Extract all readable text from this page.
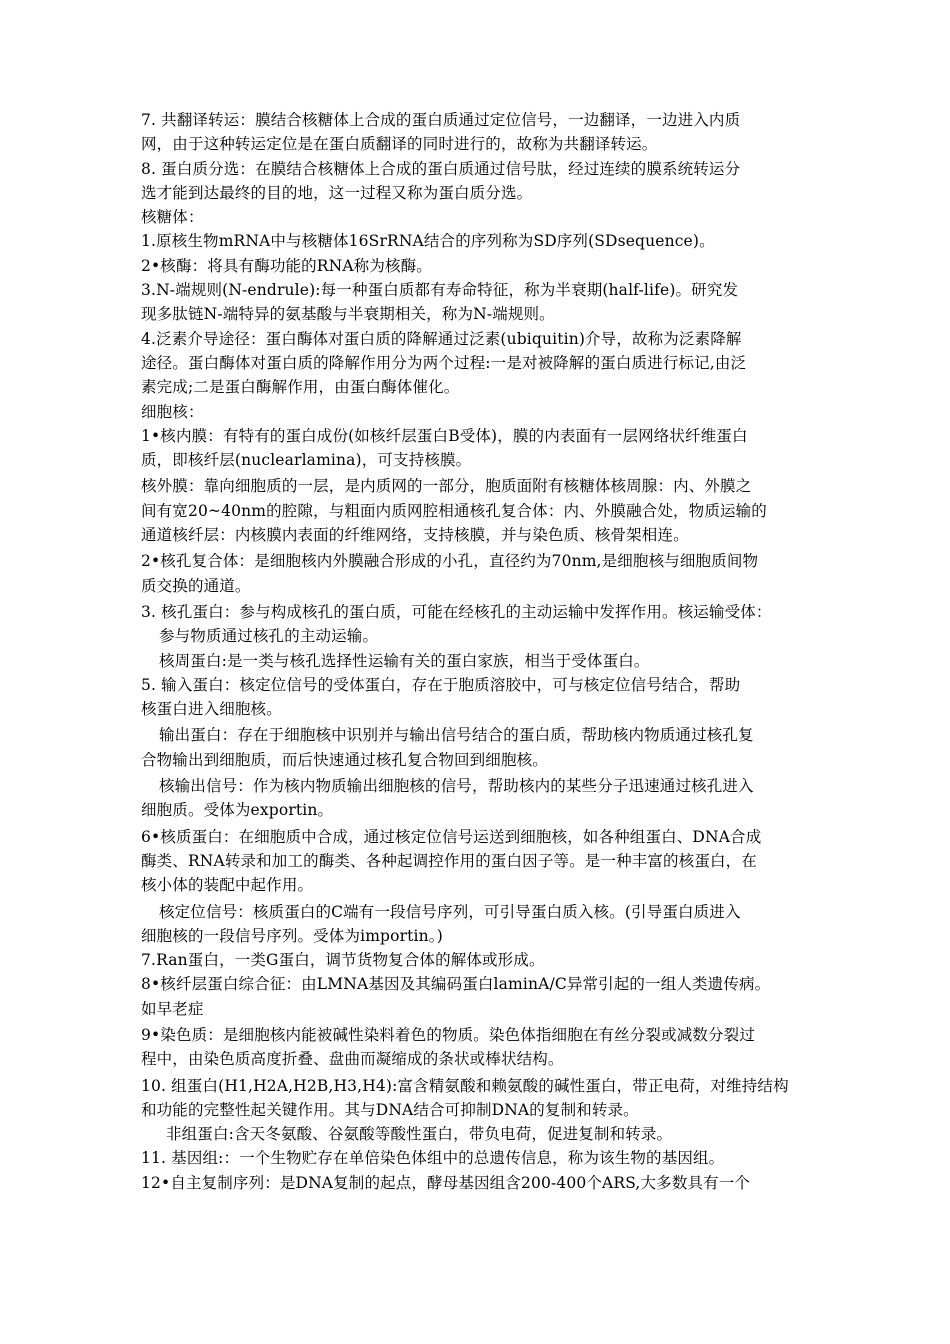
7. 共翻译转运：膜结合核糖体上合成的蛋白质通过定位信号，一边翻译，一边进入内质
网，由于这种转运定位是在蛋白质翻译的同时进行的，故称为共翻译转运。
8. 蛋白质分选：在膜结合核糖体上合成的蛋白质通过信号肽，经过连续的膜系统转运分
选才能到达最终的目的地，这一过程又称为蛋白质分选。
核糖体：
1.原核生物mRNA中与核糖体16SrRNA结合的序列称为SD序列(SDsequence)。
2•核酶：将具有酶功能的RNA称为核酶。
3.N-端规则(N-endrule):每一种蛋白质都有寿命特征，称为半衰期(half-life)。研究发
现多肽链N-端特异的氨基酸与半衰期相关，称为N-端规则。
4.泛素介导途径：蛋白酶体对蛋白质的降解通过泛素(ubiquitin)介导，故称为泛素降解
途径。蛋白酶体对蛋白质的降解作用分为两个过程:一是对被降解的蛋白质进行标记,由泛
素完成;二是蛋白酶解作用，由蛋白酶体催化。
细胞核：
1•核内膜：有特有的蛋白成份(如核纤层蛋白B受体)，膜的内表面有一层网络状纤维蛋白
质，即核纤层(nuclearlamina)，可支持核膜。
核外膜：靠向细胞质的一层，是内质网的一部分，胞质面附有核糖体核周腺：内、外膜之
间有宽20~40nm的腔隙，与粗面内质网腔相通核孔复合体：内、外膜融合处，物质运输的
通道核纤层：内核膜内表面的纤维网络，支持核膜，并与染色质、核骨架相连。
2•核孔复合体：是细胞核内外膜融合形成的小孔，直径约为70nm,是细胞核与细胞质间物
质交换的通道。
3. 核孔蛋白：参与构成核孔的蛋白质，可能在经核孔的主动运输中发挥作用。核运输受体：
参与物质通过核孔的主动运输。
核周蛋白:是一类与核孔选择性运输有关的蛋白家族，相当于受体蛋白。
5. 输入蛋白：核定位信号的受体蛋白，存在于胞质溶胶中，可与核定位信号结合，帮助
核蛋白进入细胞核。
输出蛋白：存在于细胞核中识别并与输出信号结合的蛋白质，帮助核内物质通过核孔复
合物输出到细胞质，而后快速通过核孔复合物回到细胞核。
核输出信号：作为核内物质输出细胞核的信号，帮助核内的某些分子迅速通过核孔进入
细胞质。受体为exportin。
6•核质蛋白：在细胞质中合成，通过核定位信号运送到细胞核，如各种组蛋白、DNA合成
酶类、RNA转录和加工的酶类、各种起调控作用的蛋白因子等。是一种丰富的核蛋白，在
核小体的装配中起作用。
核定位信号：核质蛋白的C端有一段信号序列，可引导蛋白质入核。(引导蛋白质进入
细胞核的一段信号序列。受体为importin。)
7.Ran蛋白，一类G蛋白，调节货物复合体的解体或形成。
8•核纤层蛋白综合征：由LMNA基因及其编码蛋白laminA/C异常引起的一组人类遗传病。
如早老症
9•染色质：是细胞核内能被碱性染料着色的物质。染色体指细胞在有丝分裂或减数分裂过
程中，由染色质高度折叠、盘曲而凝缩成的条状或棒状结构。
10. 组蛋白(H1,H2A,H2B,H3,H4):富含精氨酸和赖氨酸的碱性蛋白，带正电荷，对维持结构
和功能的完整性起关键作用。其与DNA结合可抑制DNA的复制和转录。
非组蛋白:含天冬氨酸、谷氨酸等酸性蛋白，带负电荷，促进复制和转录。
11. 基因组:：一个生物贮存在单倍染色体组中的总遗传信息，称为该生物的基因组。
12•自主复制序列：是DNA复制的起点，酵母基因组含200-400个ARS,大多数具有一个
